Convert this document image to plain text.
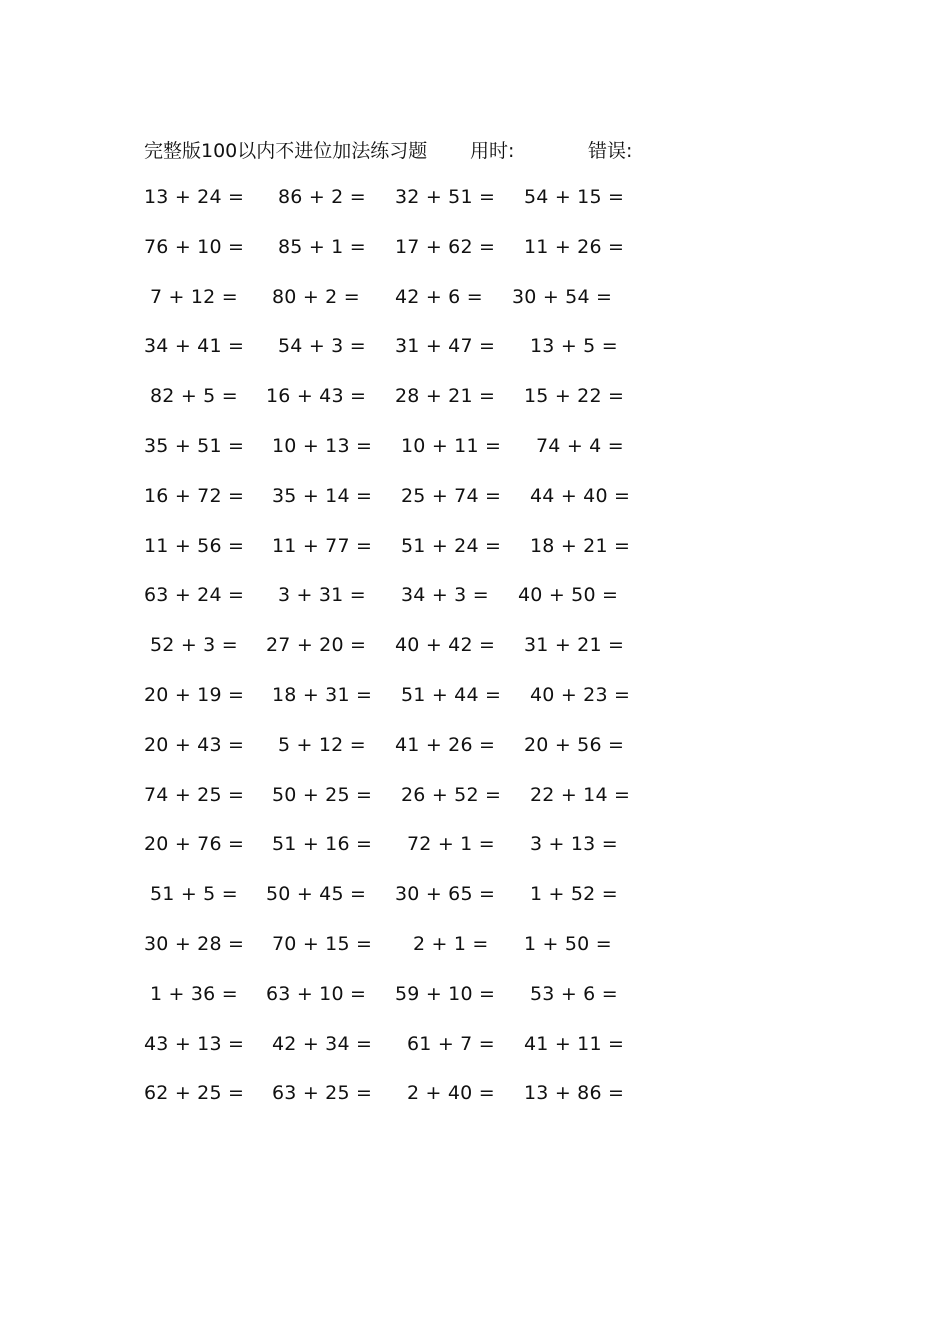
完整版100以内不进位加法练习题 用时:	错误:
13 + 24 = 86 + 2 = 32 + 51 = 54 + 15 =
76 + 10 = 85 + 1 = 17 + 62 = 11 + 26 =
7 + 12 = 80 + 2 = 42 + 6 = 30 + 54 =
34 + 41 = 54 + 3 = 31 + 47 = 13 + 5 =
82 + 5 = 16 + 43 = 28 + 21 = 15 + 22 =
35 + 51 = 10 + 13 = 10 + 11 = 74 + 4 =
16 + 72 = 35 + 14 = 25 + 74 = 44 + 40 =
11 + 56 = 11 + 77 = 51 + 24 = 18 + 21 =
63 + 24 = 3 + 31 = 34 + 3 = 40 + 50 =
52 + 3 = 27 + 20 = 40 + 42 = 31 + 21 =
20 + 19 = 18 + 31 = 51 + 44 = 40 + 23 =
20 + 43 = 5 + 12 = 41 + 26 = 20 + 56 =
74 + 25 = 50 + 25 = 26 + 52 = 22 + 14 =
20 + 76 = 51 + 16 = 72 + 1 = 3 + 13 =
51 + 5 = 50 + 45 = 30 + 65 = 1 + 52 =
30 + 28 = 70 + 15 = 2 + 1 = 1 + 50 =
1 + 36 = 63 + 10 = 59 + 10 = 53 + 6 =
43 + 13 = 42 + 34 = 61 + 7 = 41 + 11 =
62 + 25 = 63 + 25 = 2 + 40 = 13 + 86 =
